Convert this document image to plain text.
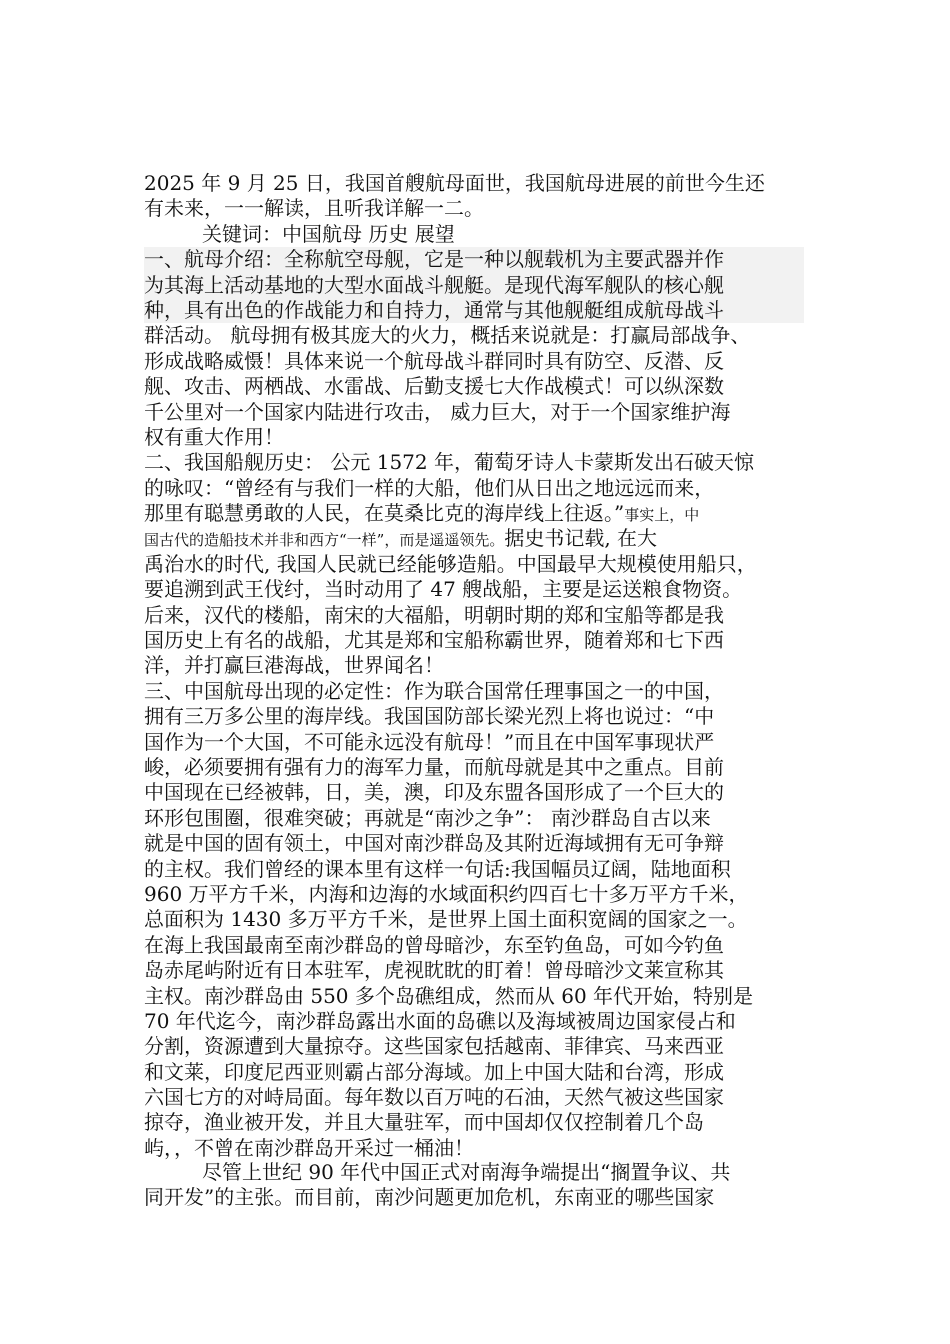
2025 年 9 月 25 日，我国首艘航母面世，我国航母进展的前世今生还
有未来，一一解读，且听我详解一二。
关键词：中国航母 历史 展望
一、航母介绍：全称航空母舰，它是一种以舰载机为主要武器并作
为其海上活动基地的大型水面战斗舰艇。是现代海军舰队的核心舰
种，具有出色的作战能力和自持力，通常与其他舰艇组成航母战斗
群活动。 航母拥有极其庞大的火力，概括来说就是：打赢局部战争、
形成战略威慑！具体来说一个航母战斗群同时具有防空、反潜、反
舰、攻击、两栖战、水雷战、后勤支援七大作战模式！可以纵深数
千公里对一个国家内陆进行攻击， 威力巨大，对于一个国家维护海
权有重大作用！
二、我国船舰历史： 公元 1572 年，葡萄牙诗人卡蒙斯发出石破天惊
的咏叹：“曾经有与我们一样的大船，他们从日出之地远远而来，
那里有聪慧勇敢的人民，在莫桑比克的海岸线上往返。”事实上，中
国古代的造船技术并非和西方“一样”，而是遥遥领先。据史书记载, 在大
禹治水的时代, 我国人民就已经能够造船。中国最早大规模使用船只，
要追溯到武王伐纣，当时动用了 47 艘战船，主要是运送粮食物资。
后来，汉代的楼船，南宋的大福船，明朝时期的郑和宝船等都是我
国历史上有名的战船，尤其是郑和宝船称霸世界，随着郑和七下西
洋，并打赢巨港海战，世界闻名！
三、中国航母出现的必定性：作为联合国常任理事国之一的中国，
拥有三万多公里的海岸线。我国国防部长梁光烈上将也说过：“中
国作为一个大国，不可能永远没有航母！”而且在中国军事现状严
峻，必须要拥有强有力的海军力量，而航母就是其中之重点。目前
中国现在已经被韩，日，美，澳，印及东盟各国形成了一个巨大的
环形包围圈，很难突破；再就是“南沙之争”： 南沙群岛自古以来
就是中国的固有领土，中国对南沙群岛及其附近海域拥有无可争辩
的主权。我们曾经的课本里有这样一句话:我国幅员辽阔，陆地面积
960 万平方千米，内海和边海的水域面积约四百七十多万平方千米，
总面积为 1430 多万平方千米，是世界上国土面积宽阔的国家之一。
在海上我国最南至南沙群岛的曾母暗沙，东至钓鱼岛，可如今钓鱼
岛赤尾屿附近有日本驻军，虎视眈眈的盯着！曾母暗沙文莱宣称其
主权。南沙群岛由 550 多个岛礁组成，然而从 60 年代开始，特别是
70 年代迄今，南沙群岛露出水面的岛礁以及海域被周边国家侵占和
分割，资源遭到大量掠夺。这些国家包括越南、菲律宾、马来西亚
和文莱，印度尼西亚则霸占部分海域。加上中国大陆和台湾，形成
六国七方的对峙局面。每年数以百万吨的石油，天然气被这些国家
掠夺，渔业被开发，并且大量驻军，而中国却仅仅控制着几个岛
屿，，不曾在南沙群岛开采过一桶油！
尽管上世纪 90 年代中国正式对南海争端提出“搁置争议、共
同开发”的主张。而目前，南沙问题更加危机，东南亚的哪些国家
